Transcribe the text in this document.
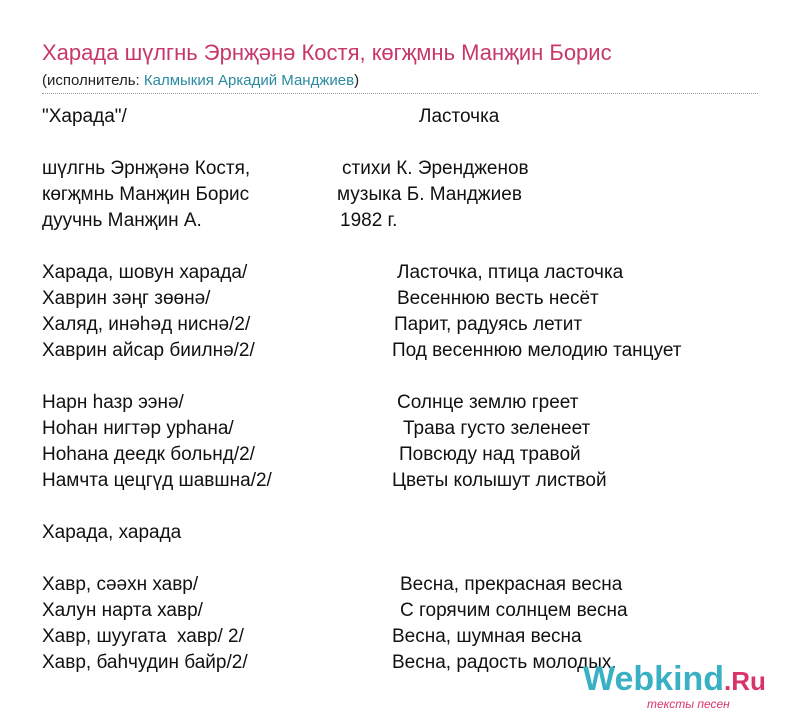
Харада шүлгнь Эрнҗәнә Костя, көгҗмнь Манҗин Борис
(исполнитель: Калмыкия Аркадий Манджиев)
"Харада"/
шүлгнь Эрнҗәнә Костя,
көгҗмнь Манҗин Борис
дуучнь Манҗин А.
Харада, шовун харада/
Хаврин зәңг зөөнә/
Халяд, инәһәд ниснә/2/
Хаврин айсар биилнә/2/
Нарн һазр ээнә/
Ноһан нигтәр урһана/
Ноһана деедк больнд/2/
Намчта цецгүд шавшна/2/
Харада, харада
Хавр, сәәхн хавр/
Халун нарта хавр/
Хавр, шуугата  хавр/ 2/
Хавр, баһчудин байр/2/
Ласточка
стихи К. Эрендженов
музыка Б. Манджиев
1982 г.
Ласточка, птица ласточка
Весеннюю весть несёт
Парит, радуясь летит
Под весеннюю мелодию танцует
Солнце землю греет
Трава густо зеленеет
Повсюду над травой
Цветы колышут листвой
Весна, прекрасная весна
С горячим солнцем весна
Весна, шумная весна
Весна, радость молодых.
Webkind.Ru
тексты песен
